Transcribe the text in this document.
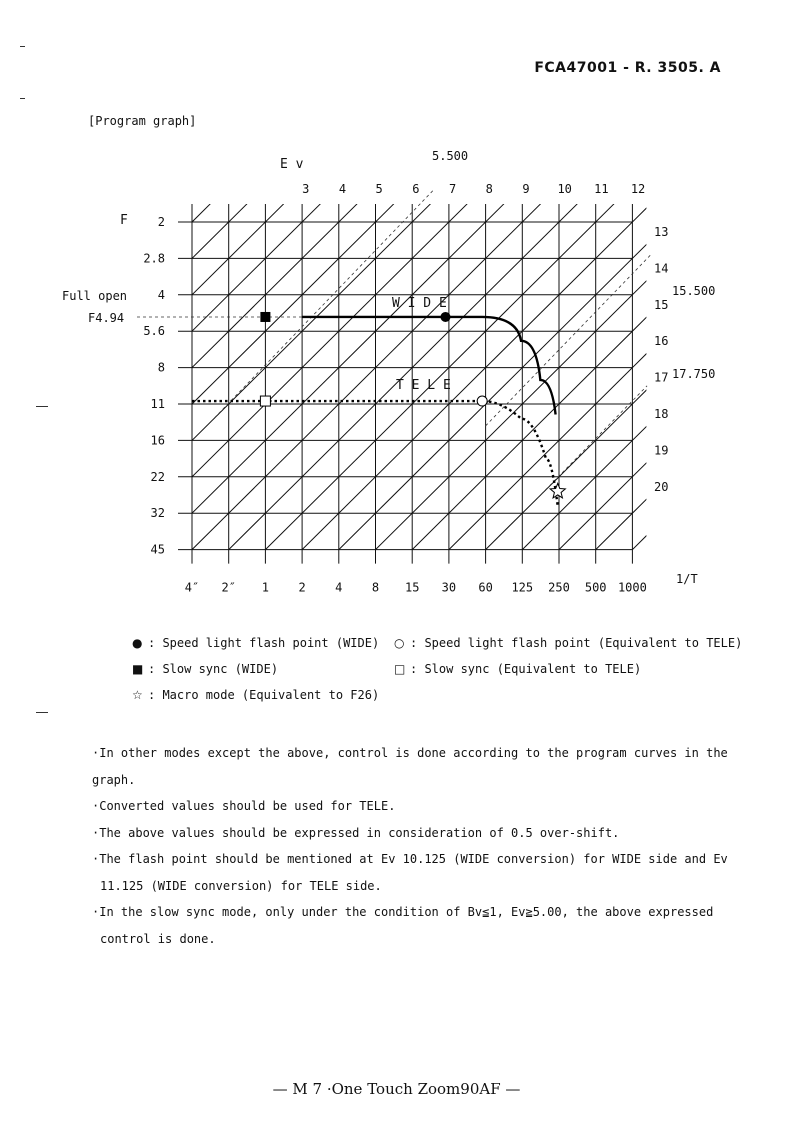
FCA47001 - R. 3505. A
[Program graph]
E v
F
1/T
3 4 5 6 7 8 9 10 11 12
13
14
15
16
17
18
19
20
2
2.8
4
5.6
8
11
16
22
32
45
4″ 2″ 1 2 4 8 15 30 60 125 250 500 1000
Full open
F4.94
W I D E
T E L E
5.500
15.500
17.750
● : Speed light flash point (WIDE) ○ : Speed light flash point (Equivalent to TELE)
■ : Slow sync (WIDE)	□ : Slow sync (Equivalent to TELE)
☆ : Macro mode (Equivalent to F26)

·In other modes except the above, control is done according to the program curves in the

graph.

·Converted values should be used for TELE.

·The above values should be expressed in consideration of 0.5 over-shift.

·The flash point should be mentioned at Ev 10.125 (WIDE conversion) for WIDE side and Ev

11.125 (WIDE conversion) for TELE side.

·In the slow sync mode, only under the condition of Bv≦1, Ev≧5.00, the above expressed

control is done.

— M 7 ·One Touch Zoom90AF —
